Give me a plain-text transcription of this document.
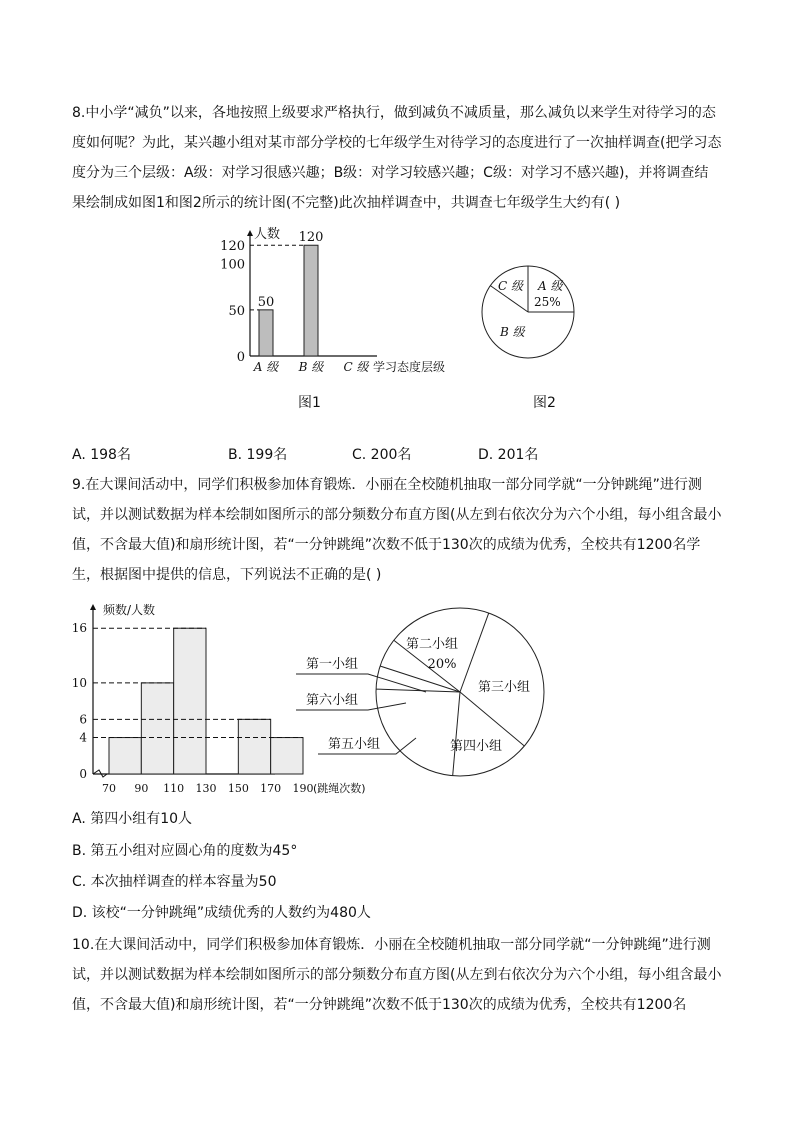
8.中小学“减负”以来，各地按照上级要求严格执行，做到减负不减质量，那么减负以来学生对待学习的态度如何呢？为此，某兴趣小组对某市部分学校的七年级学生对待学习的态度进行了一次抽样调查(把学习态度分为三个层级：A级：对学习很感兴趣；B级：对学习较感兴趣；C级：对学习不感兴趣)，并将调查结果绘制成如图1和图2所示的统计图(不完整)此次抽样调查中，共调查七年级学生大约有( )

人数
学习态度层级
0
50
100
120
50
A 级
120
B 级 C 级
图1
A 级
25%
B 级
C 级
图2
A. 198名	B. 199名	C. 200名	D. 201名

9.在大课间活动中，同学们积极参加体育锻炼．小丽在全校随机抽取一部分同学就“一分钟跳绳”进行测试，并以测试数据为样本绘制如图所示的部分频数分布直方图(从左到右依次分为六个小组，每小组含最小值，不含最大值)和扇形统计图，若“一分钟跳绳”次数不低于130次的成绩为优秀，全校共有1200名学生，根据图中提供的信息，下列说法不正确的是( )

频数/人数
0
4
6
10
16
70 90 110 130 150 170 190 (跳绳次数)
第二小组
20%
第三小组
第四小组
第一小组
第六小组
第五小组
A. 第四小组有10人
B. 第五小组对应圆心角的度数为45°
C. 本次抽样调查的样本容量为50
D. 该校“一分钟跳绳”成绩优秀的人数约为480人

10.在大课间活动中，同学们积极参加体育锻炼．小丽在全校随机抽取一部分同学就“一分钟跳绳”进行测试，并以测试数据为样本绘制如图所示的部分频数分布直方图(从左到右依次分为六个小组，每小组含最小值，不含最大值)和扇形统计图，若“一分钟跳绳”次数不低于130次的成绩为优秀，全校共有1200名
